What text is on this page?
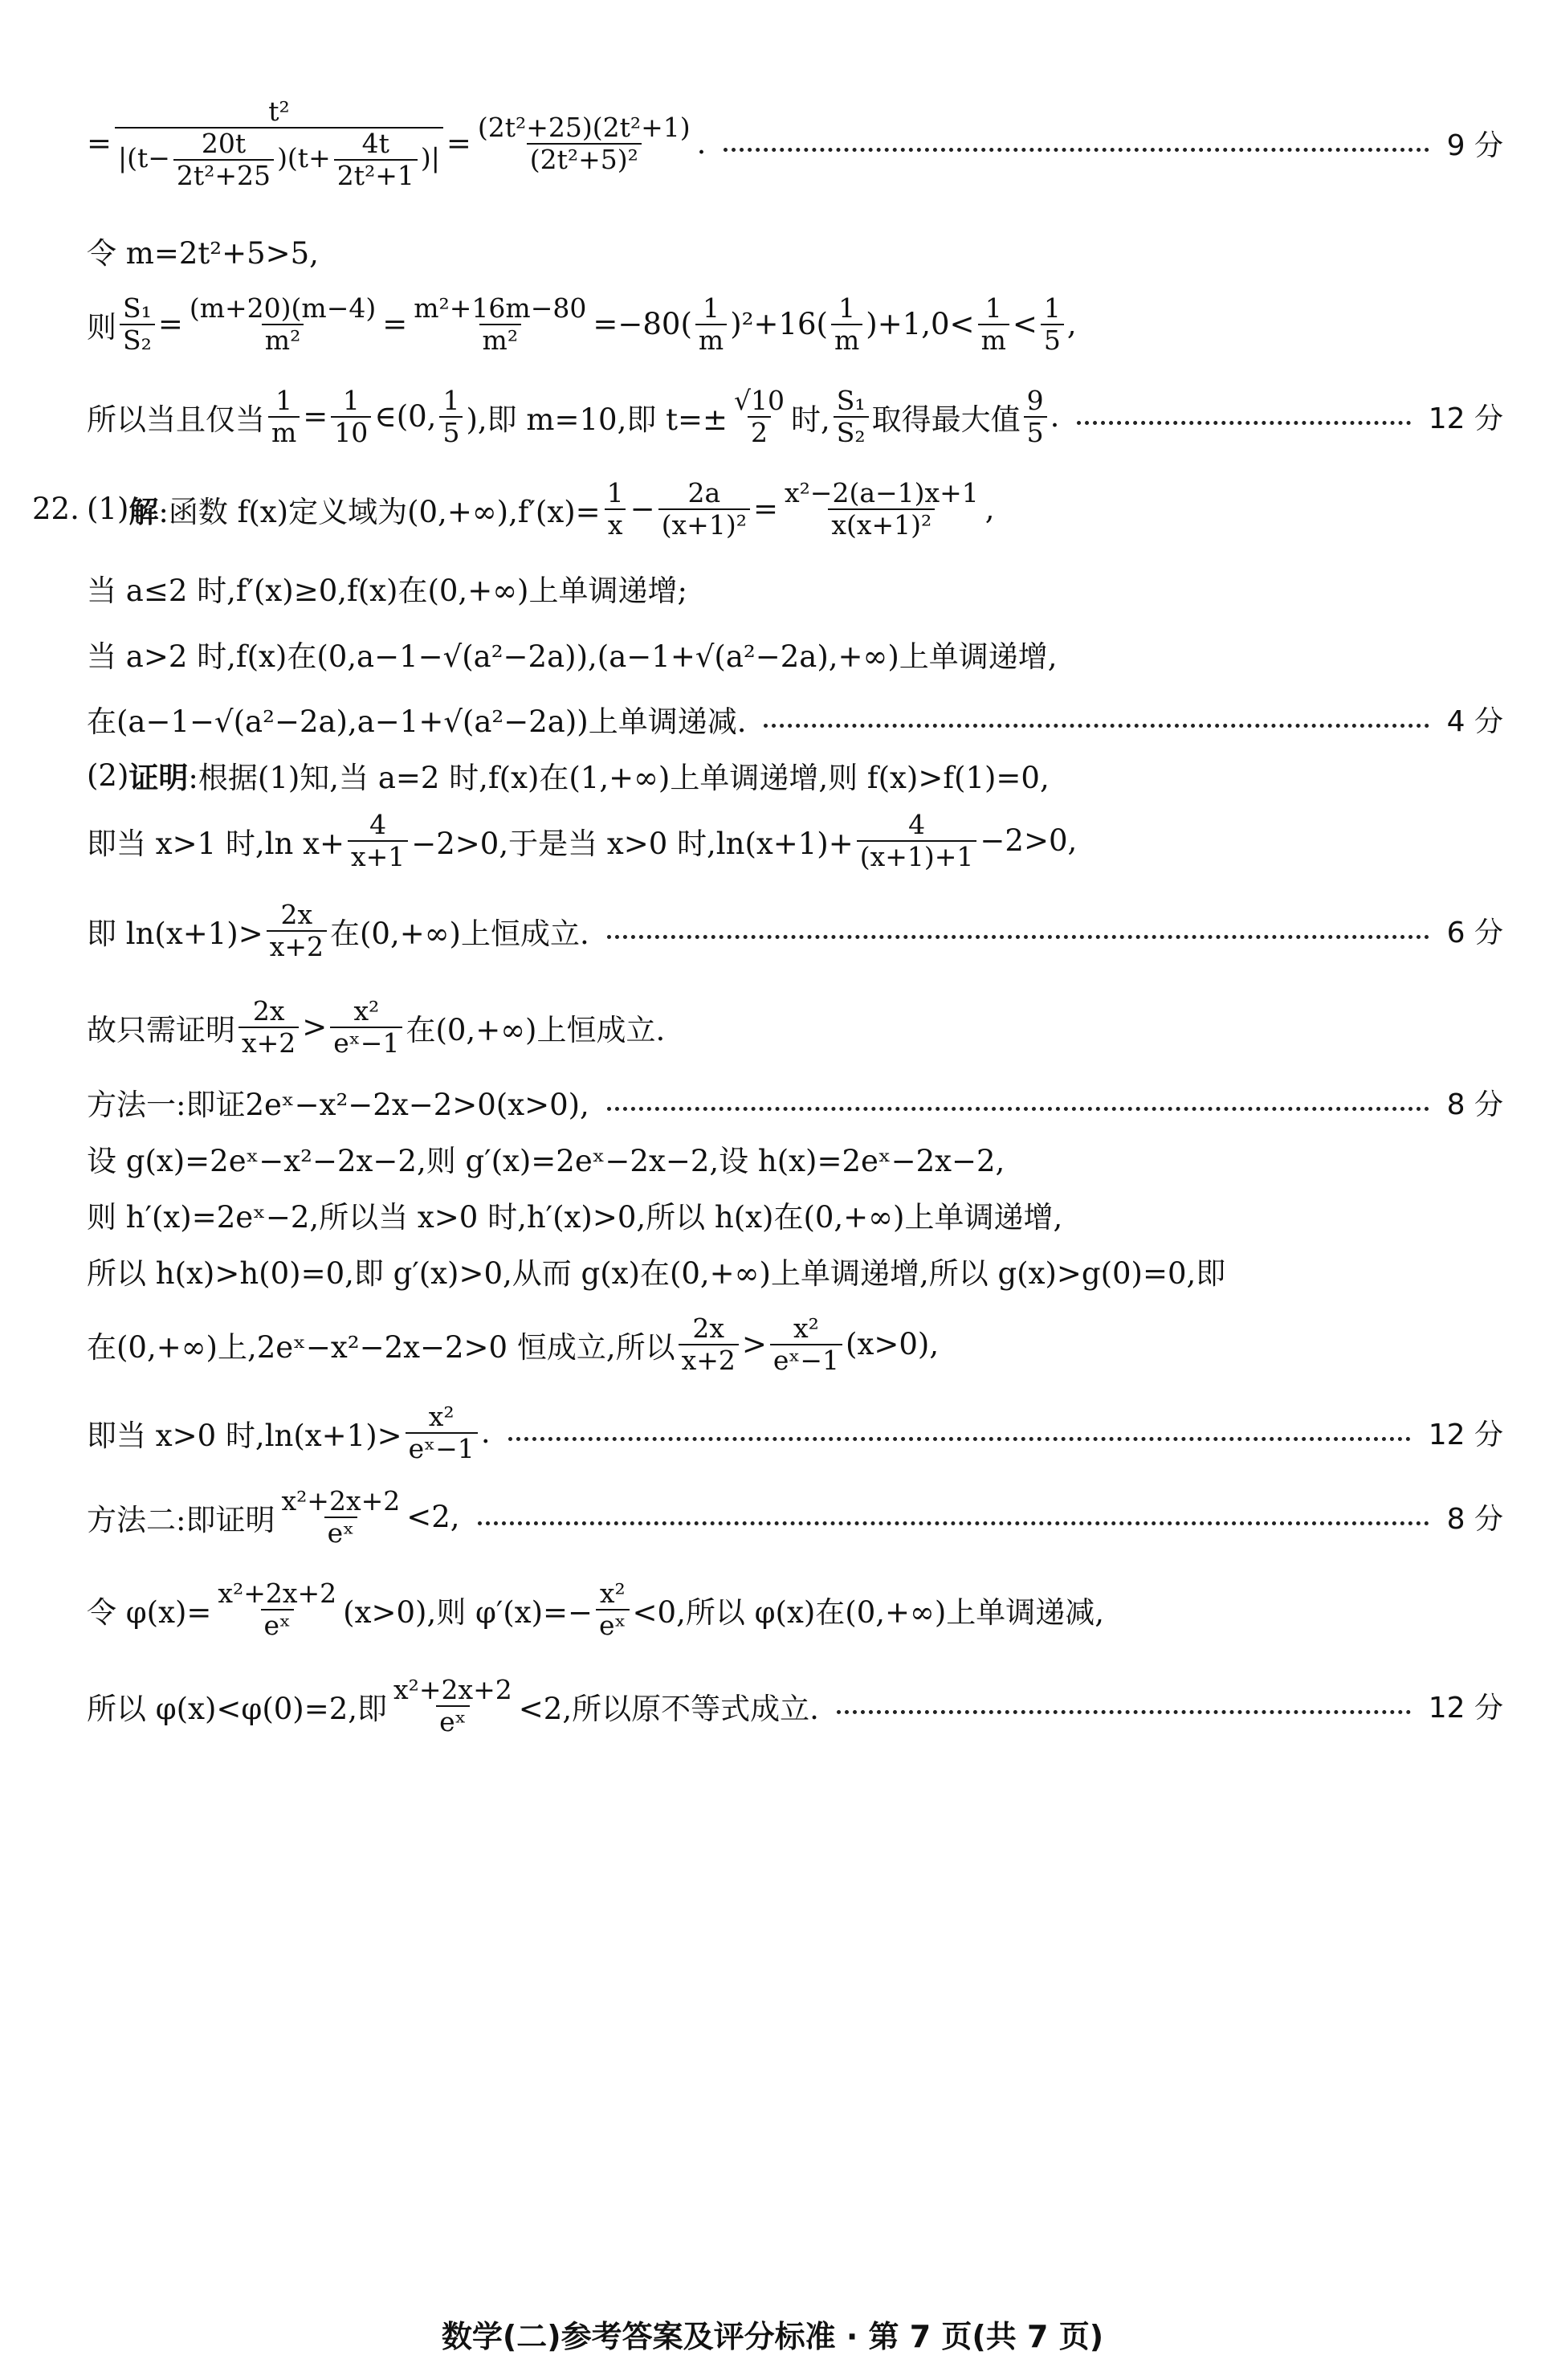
= $\frac{\text{t²}}{|(t- \frac{20t}{\text{2t²+25}} )(t+ \frac{4t}{\text{2t²+1}} )|} = \frac{\text{(2t²+25)(2t²+1)}}{\text{(2t²+5)²}}$ .	9 分
令 m=2t²+5>5,
则 $\frac{\text{S₁}}{\text{S₂}} = \frac{(m+20)(m-4)}{\text{m²}} = \frac{\text{m²+16m−80}}{\text{m²}} =-80( \frac{1}{m} )^2+16( \frac{1}{m} )+1,0< \frac{1}{m} < \frac{1}{5}$ ,
所以当且仅当 $\frac{1}{m} = \frac{1}{10}$ ∈(0, $\frac{1}{5}$ ),即 m=10,即 $t=\pm \frac{√10}{2}$ 时, $\frac{\text{S₁}}{\text{S₂}}$ 取得最大值 $\frac{9}{5}$ .	12 分
22. (1) 解 :函数 f(x)定义域为$(0,+\infty),f'(x)= \frac{1}{x} - \frac{2a}{\text{(x+1)²}} = \frac{\text{x²−2(a−1)x+1}}{\text{x(x+1)²}}$ ,
当 a≤2 时,f′(x)≥0,f(x)在(0,+∞)上单调递增;
当 a>2 时,f(x)在(0,a−1−√(a²−2a)),(a−1+√(a²−2a),+∞)上单调递增,
在(a−1−√(a²−2a),a−1+√(a²−2a))上单调递减.	4 分
(2) 证明 :根据(1)知,当 a=2 时,f(x)在(1,+∞)上单调递增,则 f(x)>f(1)=0,
即当 x>1 时,ln $x+ \frac{4}{x+1} -2>0$,于是当 x>0 时$,\ln(x+1)+ \frac{4}{(x+1)+1} -2>0$,
即 $\ln(x+1)> \frac{2x}{x+2}$ 在(0,+∞)上恒成立.	6 分
故只需证明 $\frac{2x}{x+2} > \frac{\text{x²}}{\text{eˣ−1}}$ 在(0,+∞)上恒成立.
方法一:即证2eˣ−x²−2x−2>0(x>0),	8 分
设 g(x)=2eˣ−x²−2x−2,则 g′(x)=2eˣ−2x−2,设 h(x)=2eˣ−2x−2,
则 h′(x)=2eˣ−2,所以当 x>0 时,h′(x)>0,所以 h(x)在(0,+∞)上单调递增,
所以 h(x)>h(0)=0,即 g′(x)>0,从而 g(x)在(0,+∞)上单调递增,所以 g(x)>g(0)=0,即
在(0,+∞)上,2eˣ−x²−2x−2>0 恒成立,所以 $\frac{2x}{x+2} > \frac{\text{x²}}{\text{eˣ−1}} (x>0)$,
即当 x>0 时$,\ln(x+1)> \frac{\text{x²}}{\text{eˣ−1}}$ .	12 分
方法二:即证明 $\frac{\text{x²+2x+2}}{\text{eˣ}} <2$,	8 分
令 $\varphi(x)= \frac{\text{x²+2x+2}}{\text{eˣ}} (x>0)$,则 $\varphi'(x)=- \frac{\text{x²}}{\text{eˣ}} <0$,所以 φ(x)在(0,+∞)上单调递减,
所以 φ(x)<φ(0)=2,即 $\frac{\text{x²+2x+2}}{\text{eˣ}} <2$,所以原不等式成立.	12 分
数学(二)参考答案及评分标准 · 第 7 页(共 7 页)
